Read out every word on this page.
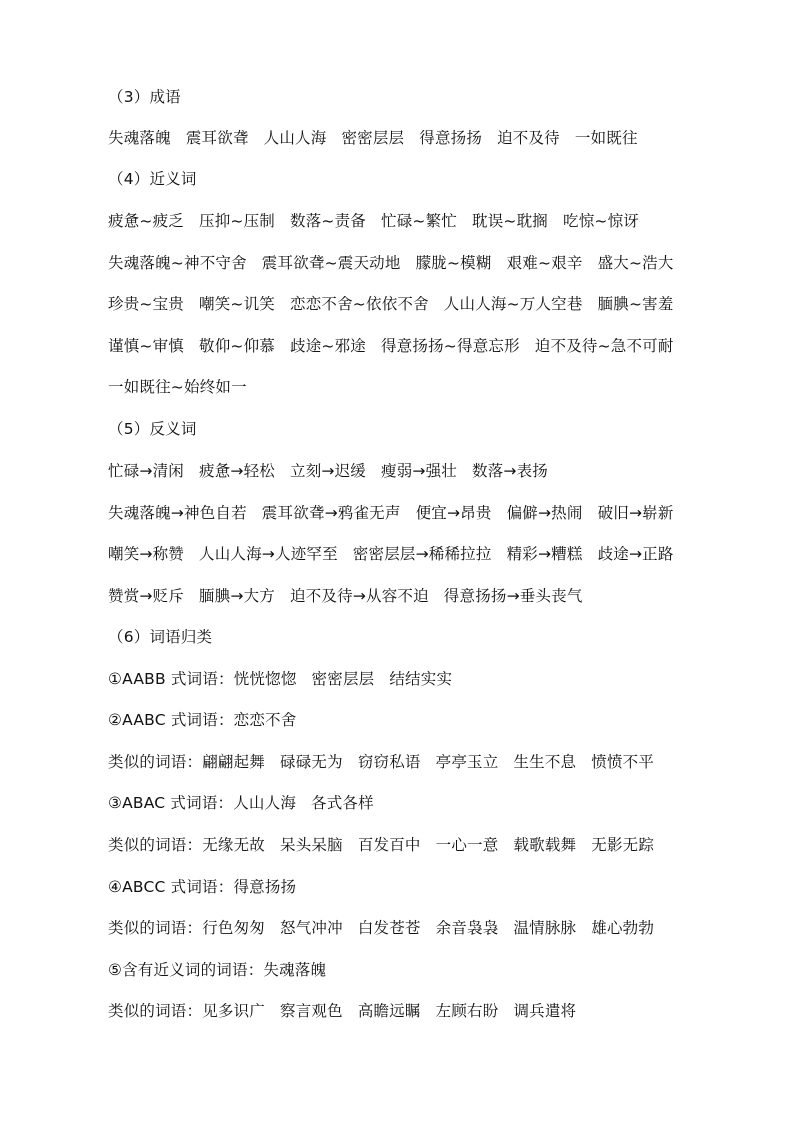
（3）成语
失魂落魄 震耳欲聋 人山人海 密密层层 得意扬扬 迫不及待 一如既往
（4）近义词
疲惫~疲乏 压抑~压制 数落~责备 忙碌~繁忙 耽误~耽搁 吃惊~惊讶
失魂落魄~神不守舍 震耳欲聋~震天动地 朦胧~模糊 艰难~艰辛 盛大~浩大
珍贵~宝贵 嘲笑~讥笑 恋恋不舍~依依不舍 人山人海~万人空巷 腼腆~害羞
谨慎~审慎 敬仰~仰慕 歧途~邪途 得意扬扬~得意忘形 迫不及待~急不可耐
一如既往~始终如一
（5）反义词
忙碌→清闲 疲惫→轻松 立刻→迟缓 瘦弱→强壮 数落→表扬
失魂落魄→神色自若 震耳欲聋→鸦雀无声 便宜→昂贵 偏僻→热闹 破旧→崭新
嘲笑→称赞 人山人海→人迹罕至 密密层层→稀稀拉拉 精彩→糟糕 歧途→正路
赞赏→贬斥 腼腆→大方 迫不及待→从容不迫 得意扬扬→垂头丧气
（6）词语归类
①AABB 式词语：恍恍惚惚 密密层层 结结实实
②AABC 式词语：恋恋不舍
类似的词语：翩翩起舞 碌碌无为 窃窃私语 亭亭玉立 生生不息 愤愤不平
③ABAC 式词语：人山人海 各式各样
类似的词语：无缘无故 呆头呆脑 百发百中 一心一意 载歌载舞 无影无踪
④ABCC 式词语：得意扬扬
类似的词语：行色匆匆 怒气冲冲 白发苍苍 余音袅袅 温情脉脉 雄心勃勃
⑤含有近义词的词语：失魂落魄
类似的词语：见多识广 察言观色 高瞻远瞩 左顾右盼 调兵遣将
